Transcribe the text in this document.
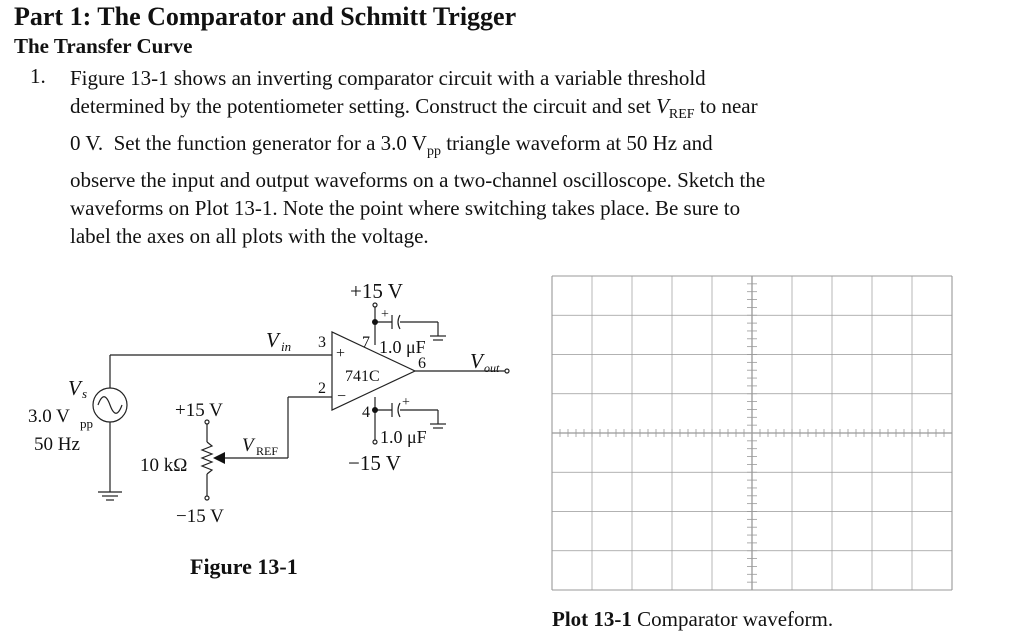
Part 1: The Comparator and Schmitt Trigger
The Transfer Curve
1. Figure 13-1 shows an inverting comparator circuit with a variable threshold
determined by the potentiometer setting. Construct the circuit and set $V_{REF}$ to near
0 V.  Set the function generator for a 3.0 $V_{pp}$ triangle waveform at 50 Hz and
observe the input and output waveforms on a two-channel oscilloscope. Sketch the
waveforms on Plot 13-1. Note the point where switching takes place. Be sure to
label the axes on all plots with the voltage.
+15 V
−15 V
1.0 μF
1.0 μF
741C
3
2
7
4
6
+
−
+
+
V in
V out
V s
3.0 V pp
50 Hz
+15 V
−15 V
10 kΩ
V REF
Figure 13-1
Plot 13-1 Comparator waveform.
